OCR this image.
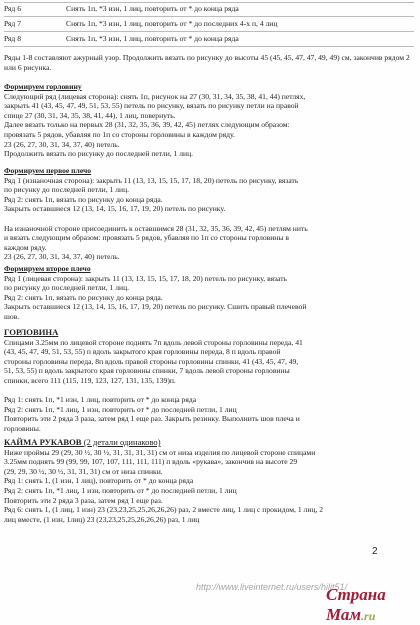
Ряд 6	Снять 1п, *3 изн, 1 лиц, повторить от * до конца ряда
Ряд 7	Снять 1п, *3 изн, 1 лиц, повторить от * до последних 4-х п, 4 лиц
Ряд 8	Снять 1п, *3 изн, 1 лиц, повторить от * до конца ряда

Ряды 1-8 составляют ажурный узор. Продолжить вязать по рисунку до высоты 45 (45, 45, 47, 47, 49, 49) см, закончив рядом 2 или 6 рисунка.

Формируем горловину

Следующий ряд (лицевая сторона): снять 1п, рисунок на 27 (30, 31, 34, 35, 38, 41, 44) петлях,

закрыть 41 (43, 45, 47, 49, 51, 53, 55) петель по рисунку, вязать по рисунку петли на правой

спице 27 (30, 31, 34, 35, 38, 41, 44), 1 лиц, повернуть.

Далее вязать только на первых 28 (31, 32, 35, 36, 39, 42, 45) петлях следующим образом:

провязать 5 рядов, убавляя по 1п со стороны горловины в каждом ряду.

23 (26, 27, 30, 31, 34, 37, 40) петель.

Продолжить вязать по рисунку до последней петли, 1 лиц.

Формируем первое плечо

Ряд 1 (изнаночная сторона): закрыть 11 (13, 13, 15, 15, 17, 18, 20) петель по рисунку, вязать

по рисунку до последней петли, 1 лиц.

Ряд 2: снять 1п, вязать по рисунку до конца ряда.

Закрыть оставшиеся 12 (13, 14, 15, 16, 17, 19, 20) петель по рисунку.

На изнаночной стороне присоединить к оставшимся 28 (31, 32, 35, 36, 39, 42, 45) петлям нить

и вязать следующим образом: провязать 5 рядов, убавляя по 1п со стороны горловины в

каждом ряду.

23 (26, 27, 30, 31, 34, 37, 40) петель.

Формируем второе плечо

Ряд 1 (лицевая сторона): закрыть 11 (13, 13, 15, 15, 17, 18, 20) петель по рисунку, вязать

по рисунку до последней петли, 1 лиц.

Ряд 2: снять 1п, вязать по рисунку до конца ряда.

Закрыть оставшиеся 12 (13, 14, 15, 16, 17, 19, 20) петель по рисунку. Сшить правый плечевой

шов.

ГОРЛОВИНА

Спицами 3.25мм по лицевой стороне поднять 7п вдоль левой стороны горловины переда, 41

(43, 45, 47, 49, 51, 53, 55) п вдоль закрытого края горловины переда, 8 п вдоль правой

стороны горловины переда, 8п вдоль правой стороны горловины спинки, 41 (43, 45, 47, 49,

51, 53, 55) п вдоль закрытого края горловины спинки, 7 вдоль левой стороны горловины

спинки, всего 111 (115, 119, 123, 127, 131, 135, 139)п.

Ряд 1: снять 1п, *1 изн, 1 лиц, повторить от * до конца ряда

Ряд 2: снять 1п, *1 лиц, 1 изн, повторить от * до последней петли, 1 лиц

Повторить эти 2 ряда 3 раза, затем ряд 1 еще раз. Закрыть резинку. Выполнить шов плеча и

горловины.

КАЙМА РУКАВОВ (2 детали одинаково)

Ниже проймы 29 (29, 30 ½, 30 ½, 31, 31, 31, 31) см от низа изделия по лицевой стороне спицами

3.25мм поднять 99 (99, 99, 107, 107, 111, 111, 111) п вдоль «рукава», закончив на высоте 29

(29, 29, 30 ½, 30 ½, 31, 31, 31) см от низа спинки.

Ряд 1: снять 1, (1 изн, 1 лиц), повторить от * до конца ряда

Ряд 2: снять 1п, *1 лиц, 1 изн, повторить от * до последней петли, 1 лиц

Повторить эти 2 ряда 3 раза, затем ряд 1 еще раз.

Ряд 6: снять 1, (1 лиц, 1 изн) 23 (23,23,25,25,26,26,26) раз, 2 вместе лиц, 1 лиц с прокидом, 1 лиц, 2

лиц вместе, (1 изн, 1лиц) 23 (23,23,25,25,26,26,26) раз, 1 лиц

2
http://www.liveinternet.ru/users/hilit51/
Страна Мам.ru
